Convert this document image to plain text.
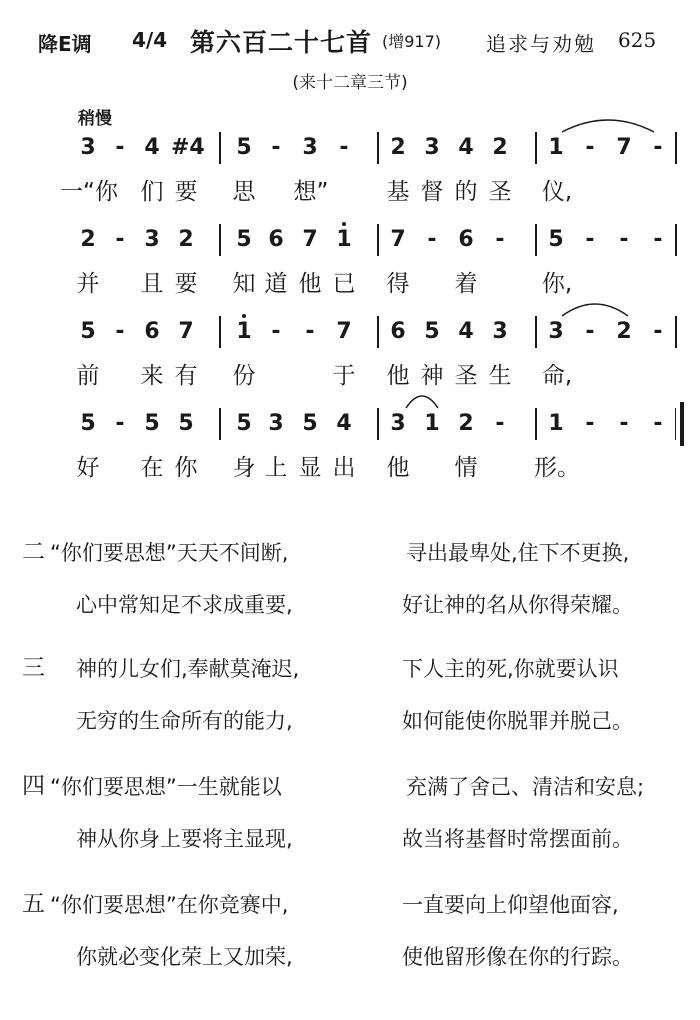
降E调

4/4

第六百二十七首

(增917)

追求与劝勉

625

(来十二章三节)
稍慢
3 - 4 #4 5 - 3 -	2 3 4 2 1 - 7 -
一“你 们 要 思	想”	基 督 的 圣	仪,
2 - 3 2 5 6 7 1 7 - 6 -	5 -	-	-
并 且 要 知 道 他 已 得 着	你,
5 - 6 7 1 -	- 7 6 5 4 3 3 - 2 -
前 来 有 份	于 他 神 圣 生	命,
5 - 5 5 5 3 5 4 3 1 2 -	1 -	-	-
好 在 你 身 上 显 出 他 情	形。
二 “你们要思想”天天不间断,	寻出最卑处,住下不更换,
心中常知足不求成重要,	好让神的名从你得荣耀。
三 神的儿女们,奉献莫淹迟,	下人主的死,你就要认识
无穷的生命所有的能力,	如何能使你脱罪并脱己。
四 “你们要思想”一生就能以	充满了舍己、清洁和安息;
神从你身上要将主显现,	故当将基督时常摆面前。
五 “你们要思想”在你竞赛中,	一直要向上仰望他面容,
你就必变化荣上又加荣,	使他留形像在你的行踪。
